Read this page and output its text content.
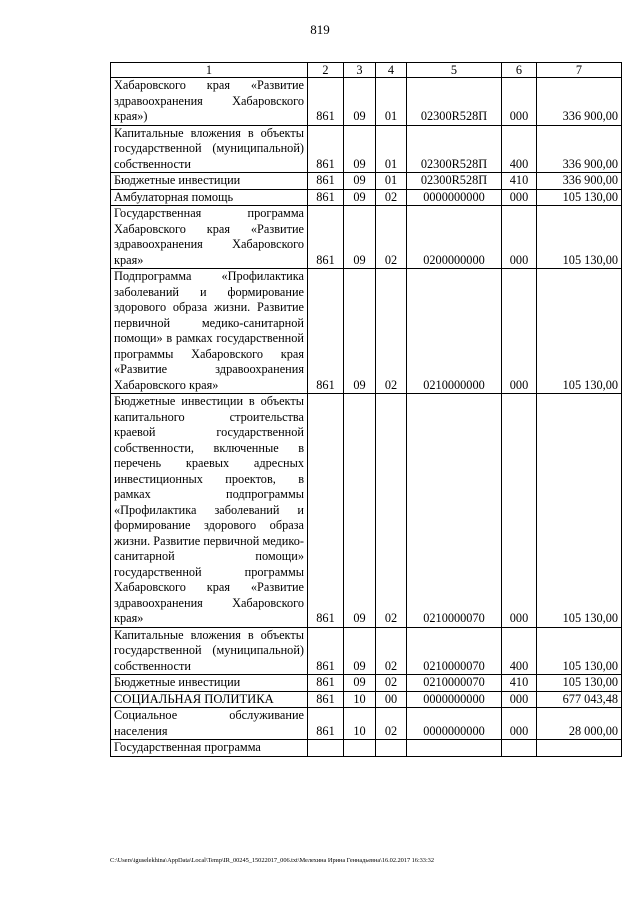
819
1	2	3	4	5	6	7
Хабаровского края «Развитие здравоохранения Хабаровского края»)	861	09	01	02300R528П	000	336 900,00
Капитальные вложения в объекты государственной (муниципальной) собственности	861	09	01	02300R528П	400	336 900,00
Бюджетные инвестиции	861	09	01	02300R528П	410	336 900,00
Амбулаторная помощь	861	09	02	0000000000	000	105 130,00
Государственная программа Хабаровского края «Развитие здравоохранения Хабаровского края»	861	09	02	0200000000	000	105 130,00
Подпрограмма «Профилактика заболеваний и формирование здорового образа жизни. Развитие первичной медико-санитарной помощи» в рамках государственной программы Хабаровского края «Развитие здравоохранения Хабаровского края»	861	09	02	0210000000	000	105 130,00
Бюджетные инвестиции в объекты капитального строительства краевой государственной собственности, включенные в перечень краевых адресных инвестиционных проектов, в рамках подпрограммы «Профилактика заболеваний и формирование здорового образа жизни. Развитие первичной медико-санитарной помощи» государственной программы Хабаровского края «Развитие здравоохранения Хабаровского края»	861	09	02	0210000070	000	105 130,00
Капитальные вложения в объекты государственной (муниципальной) собственности	861	09	02	0210000070	400	105 130,00
Бюджетные инвестиции	861	09	02	0210000070	410	105 130,00
СОЦИАЛЬНАЯ ПОЛИТИКА	861	10	00	0000000000	000	677 043,48
Социальное обслуживание населения	861	10	02	0000000000	000	28 000,00
Государственная программа						
C:\Users\iguselekhina\AppData\Local\Temp\IR_00245_15022017_006.txt\Мелехина Ирина Геннадьевна\16.02.2017 16:33:32
